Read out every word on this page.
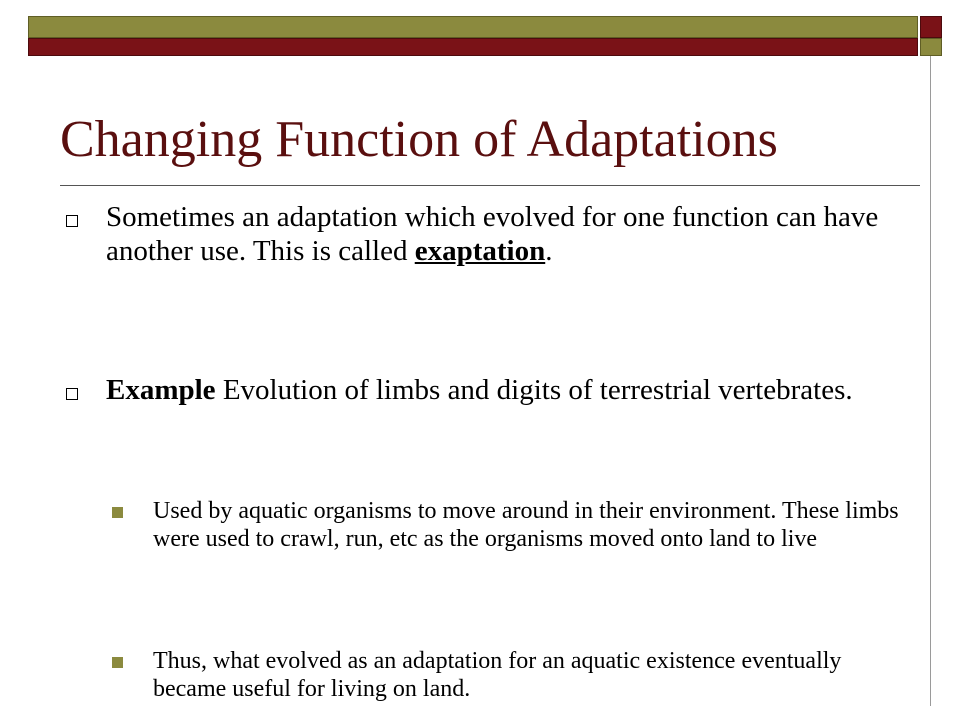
Changing Function of Adaptations
Sometimes an adaptation which evolved for one function can have another use. This is called exaptation.
Example Evolution of limbs and digits of terrestrial vertebrates.
Used by aquatic organisms to move around in their environment. These limbs were used to crawl, run, etc as the organisms moved onto land to live
Thus, what evolved as an adaptation for an aquatic existence eventually became useful for living on land.
